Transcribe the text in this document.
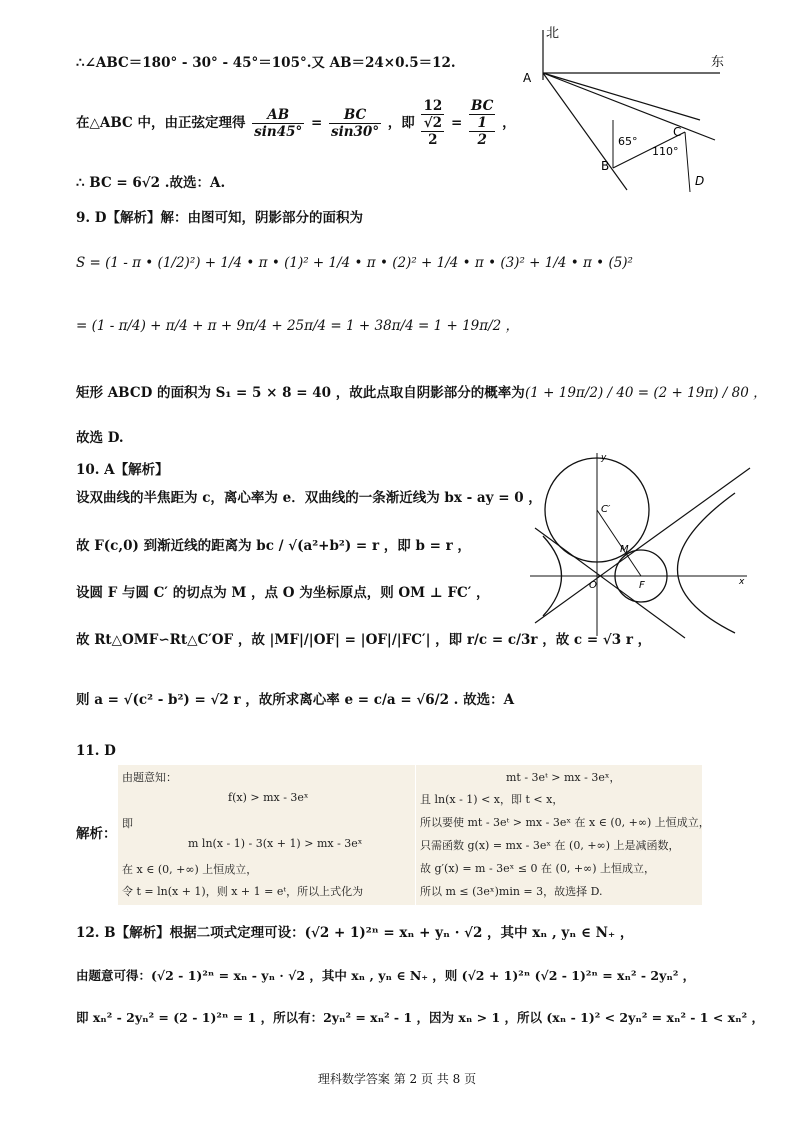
∴∠ABC＝180° - 30° - 45°＝105°.又 AB＝24×0.5＝12.
在△ABC 中，由正弦定理得 $\frac{AB}{\sin 45^\circ} = \frac{BC}{\sin 30^\circ}$ ，即
12
√2
2
=
BC
1
2
，
∴ BC = 6√2 .故选：A.
北
东
A
B
C
D
65°
110°
9. D【解析】解：由图可知，阴影部分的面积为
S = (1 - π • (1/2)²) + 1/4 • π • (1)² + 1/4 • π • (2)² + 1/4 • π • (3)² + 1/4 • π • (5)²
= (1 - π/4) + π/4 + π + 9π/4 + 25π/4 = 1 + 38π/4 = 1 + 19π/2 ，
矩形 ABCD 的面积为 S₁ = 5 × 8 = 40 ，故此点取自阴影部分的概率为 (1 + 19π/2) / 40 = (2 + 19π) / 80 ，
故选 D.
10. A【解析】
设双曲线的半焦距为 c，离心率为 e．双曲线的一条渐近线为 bx - ay = 0 ，
故 F(c,0) 到渐近线的距离为 bc / √(a²+b²) = r ，即 b = r ，
设圆 F 与圆 C′ 的切点为 M ，点 O 为坐标原点，则 OM ⊥ FC′ ，
故 Rt△OMF∽Rt△C′OF ，故 |MF|/|OF| = |OF|/|FC′| ，即 r/c = c/3r ，故 c = √3 r ，
则 a = √(c² - b²) = √2 r ，故所求离心率 e = c/a = √6/2 . 故选：A
y
x
C′
M
O	F
11. D
解析：
由题意知：
f(x) > mx - 3eˣ
即
m ln(x - 1) - 3(x + 1) > mx - 3eˣ
在 x ∈ (0, +∞) 上恒成立，
令 t = ln(x + 1)，则 x + 1 = eᵗ，所以上式化为
mt - 3eᵗ > mx - 3eˣ，
且 ln(x - 1) < x，即 t < x，
所以要使 mt - 3eᵗ > mx - 3eˣ 在 x ∈ (0, +∞) 上恒成立，
只需函数 g(x) = mx - 3eˣ 在 (0, +∞) 上是减函数，
故 g′(x) = m - 3eˣ ≤ 0 在 (0, +∞) 上恒成立，
所以 m ≤ (3eˣ)min = 3，故选择 D.
12. B【解析】根据二项式定理可设：(√2 + 1)²ⁿ = xₙ + yₙ · √2 ，其中 xₙ , yₙ ∈ N₊ ，
由题意可得：(√2 - 1)²ⁿ = xₙ - yₙ · √2 ，其中 xₙ , yₙ ∈ N₊ ，则 (√2 + 1)²ⁿ (√2 - 1)²ⁿ = xₙ² - 2yₙ² ，
即 xₙ² - 2yₙ² = (2 - 1)²ⁿ = 1 ，所以有：2yₙ² = xₙ² - 1 ，因为 xₙ > 1 ，所以 (xₙ - 1)² < 2yₙ² = xₙ² - 1 < xₙ² ，
理科数学答案 第 2 页 共 8 页
